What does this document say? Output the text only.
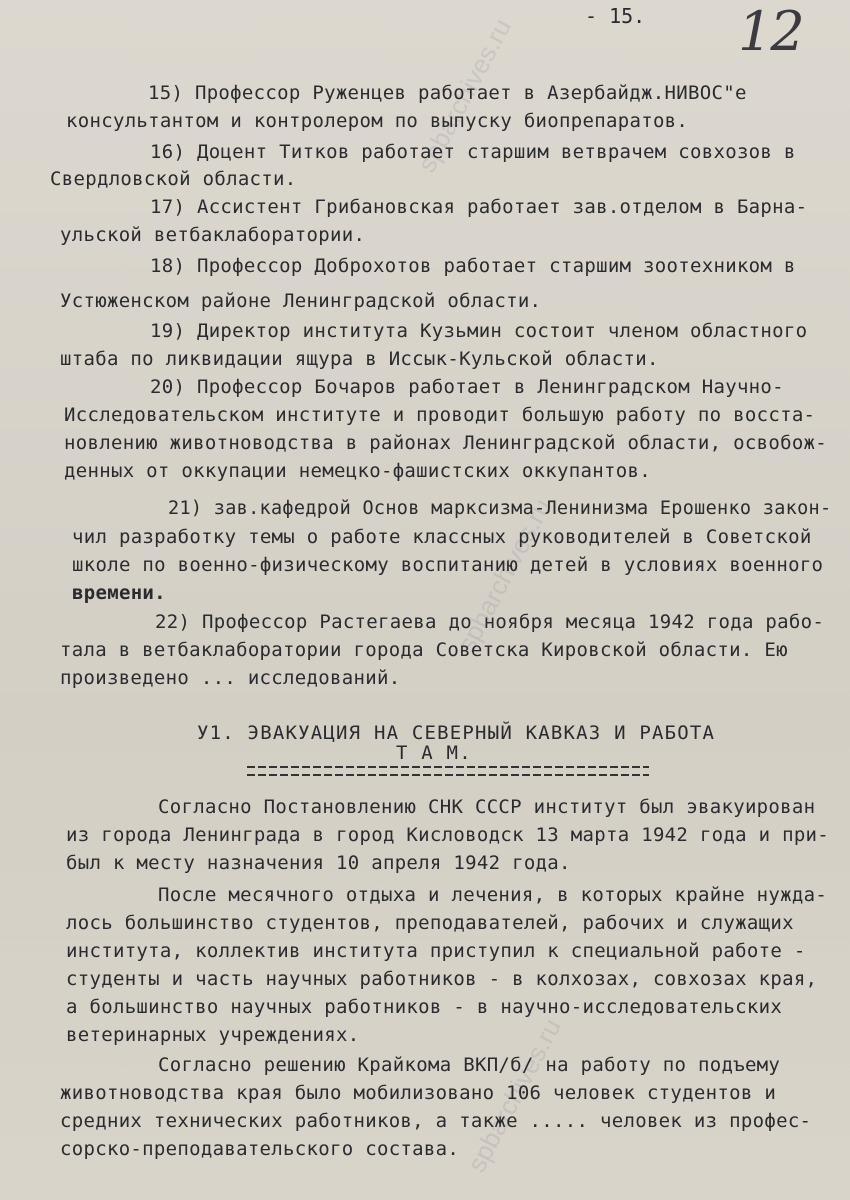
spbarchives.ru
spbarchives.ru
spbarchives.ru
- 15. 12
15) Профессор Руженцев работает в Азербайдж.НИВОС"е
консультантом и контролером по выпуску биопрепаратов.
16) Доцент Титков работает старшим ветврачем совхозов в
Свердловской области.
17) Ассистент Грибановская работает зав.отделом в Барна-
ульской ветбаклаборатории.
18) Профессор Доброхотов работает старшим зоотехником в
Устюженском районе Ленинградской области.
19) Директор института Кузьмин состоит членом областного
штаба по ликвидации ящура в Иссык-Кульской области.
20) Профессор Бочаров работает в Ленинградском Научно-
Исследовательском институте и проводит большую работу по восста-
новлению животноводства в районах Ленинградской области, освобож-
денных от оккупации немецко-фашистских оккупантов.
21) зав.кафедрой Основ марксизма-Ленинизма Ерошенко закон-
чил разработку темы о работе классных руководителей в Советской
школе по военно-физическому воспитанию детей в условиях военного
времени.
22) Профессор Растегаева до ноября месяца 1942 года рабо-
тала в ветбаклаборатории города Советска Кировской области. Ею
произведено ... исследований.
У1. ЭВАКУАЦИЯ НА СЕВЕРНЫЙ КАВКАЗ И РАБОТА
Т А М.
Согласно Постановлению СНК СССР институт был эвакуирован
из города Ленинграда в город Кисловодск 13 марта 1942 года и при-
был к месту назначения 10 апреля 1942 года.
После месячного отдыха и лечения, в которых крайне нужда-
лось большинство студентов, преподавателей, рабочих и служащих
института, коллектив института приступил к специальной работе -
студенты и часть научных работников - в колхозах, совхозах края,
а большинство научных работников - в научно-исследовательских
ветеринарных учреждениях.
Согласно решению Крайкома ВКП/б/ на работу по подъему
животноводства края было мобилизовано 106 человек студентов и
средних технических работников, а также ..... человек из профес-
сорско-преподавательского состава.
